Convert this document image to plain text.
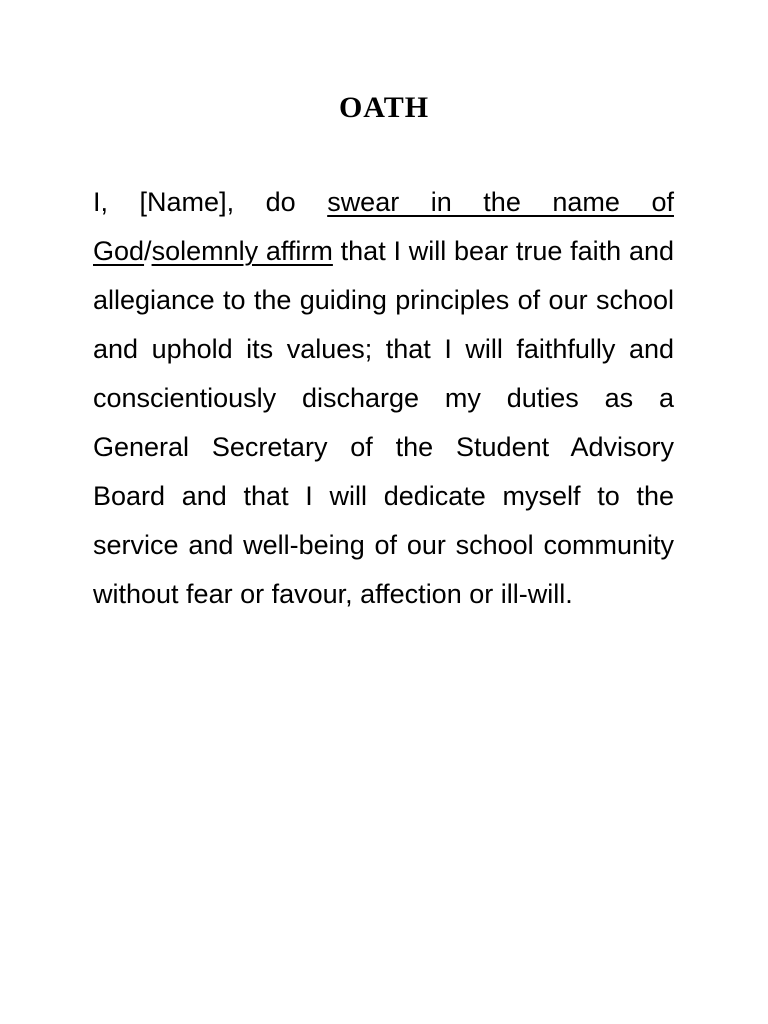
OATH

I, [Name], do swear in the name of God/solemnly affirm that I will bear true faith and allegiance to the guiding principles of our school and uphold its values; that I will faithfully and conscientiously discharge my duties as a General Secretary of the Student Advisory Board and that I will dedicate myself to the service and well-being of our school community without fear or favour, affection or ill-will.
